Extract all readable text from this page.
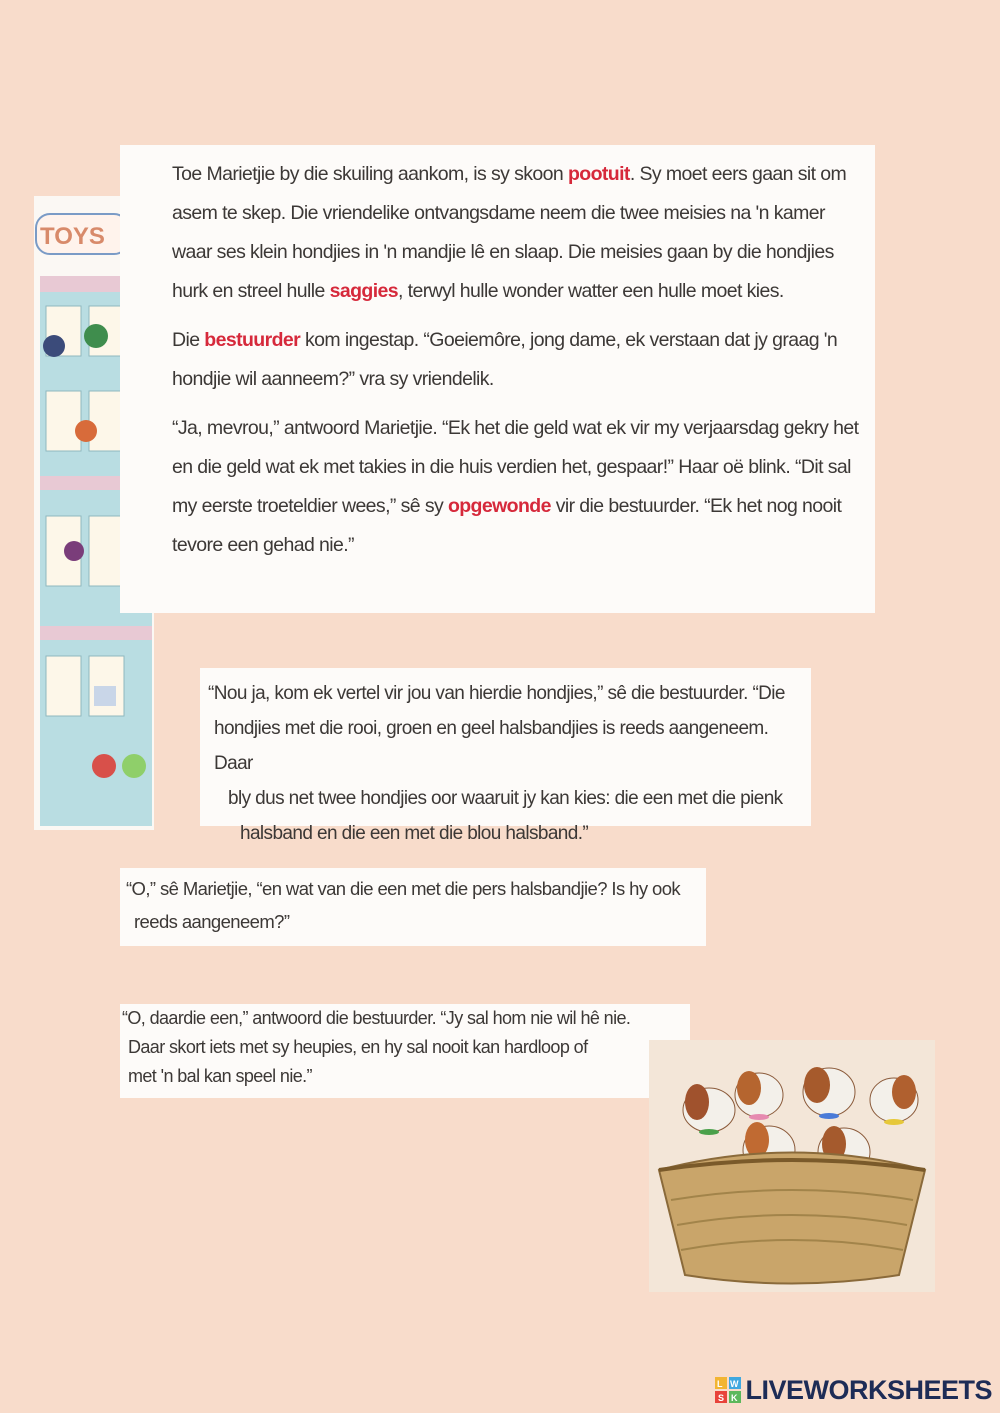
TOYS

Toe Marietjie by die skuiling aankom, is sy skoon pootuit. Sy moet eers gaan sit om asem te skep. Die vriendelike ontvangsdame neem die twee meisies na 'n kamer waar ses klein hondjies in 'n mandjie lê en slaap. Die meisies gaan by die hondjies hurk en streel hulle saggies, terwyl hulle wonder watter een hulle moet kies.

Die bestuurder kom ingestap. “Goeiemôre, jong dame, ek verstaan dat jy graag 'n hondjie wil aanneem?” vra sy vriendelik.

“Ja, mevrou,” antwoord Marietjie. “Ek het die geld wat ek vir my verjaarsdag gekry het en die geld wat ek met takies in die huis verdien het, gespaar!” Haar oë blink. “Dit sal my eerste troeteldier wees,” sê sy opgewonde vir die bestuurder. “Ek het nog nooit tevore een gehad nie.”

“Nou ja, kom ek vertel vir jou van hierdie hondjies,” sê die bestuurder. “Die
hondjies met die rooi, groen en geel halsbandjies is reeds aangeneem. Daar
bly dus net twee hondjies oor waaruit jy kan kies: die een met die pienk
halsband en die een met die blou halsband.”
“O,” sê Marietjie, “en wat van die een met die pers halsbandjie? Is hy ook
reeds aangeneem?”
“O, daardie een,” antwoord die bestuurder. “Jy sal hom nie wil hê nie.
Daar skort iets met sy heupies, en hy sal nooit kan hardloop of
met 'n bal kan speel nie.”
L W
S K LIVEWORKSHEETS
